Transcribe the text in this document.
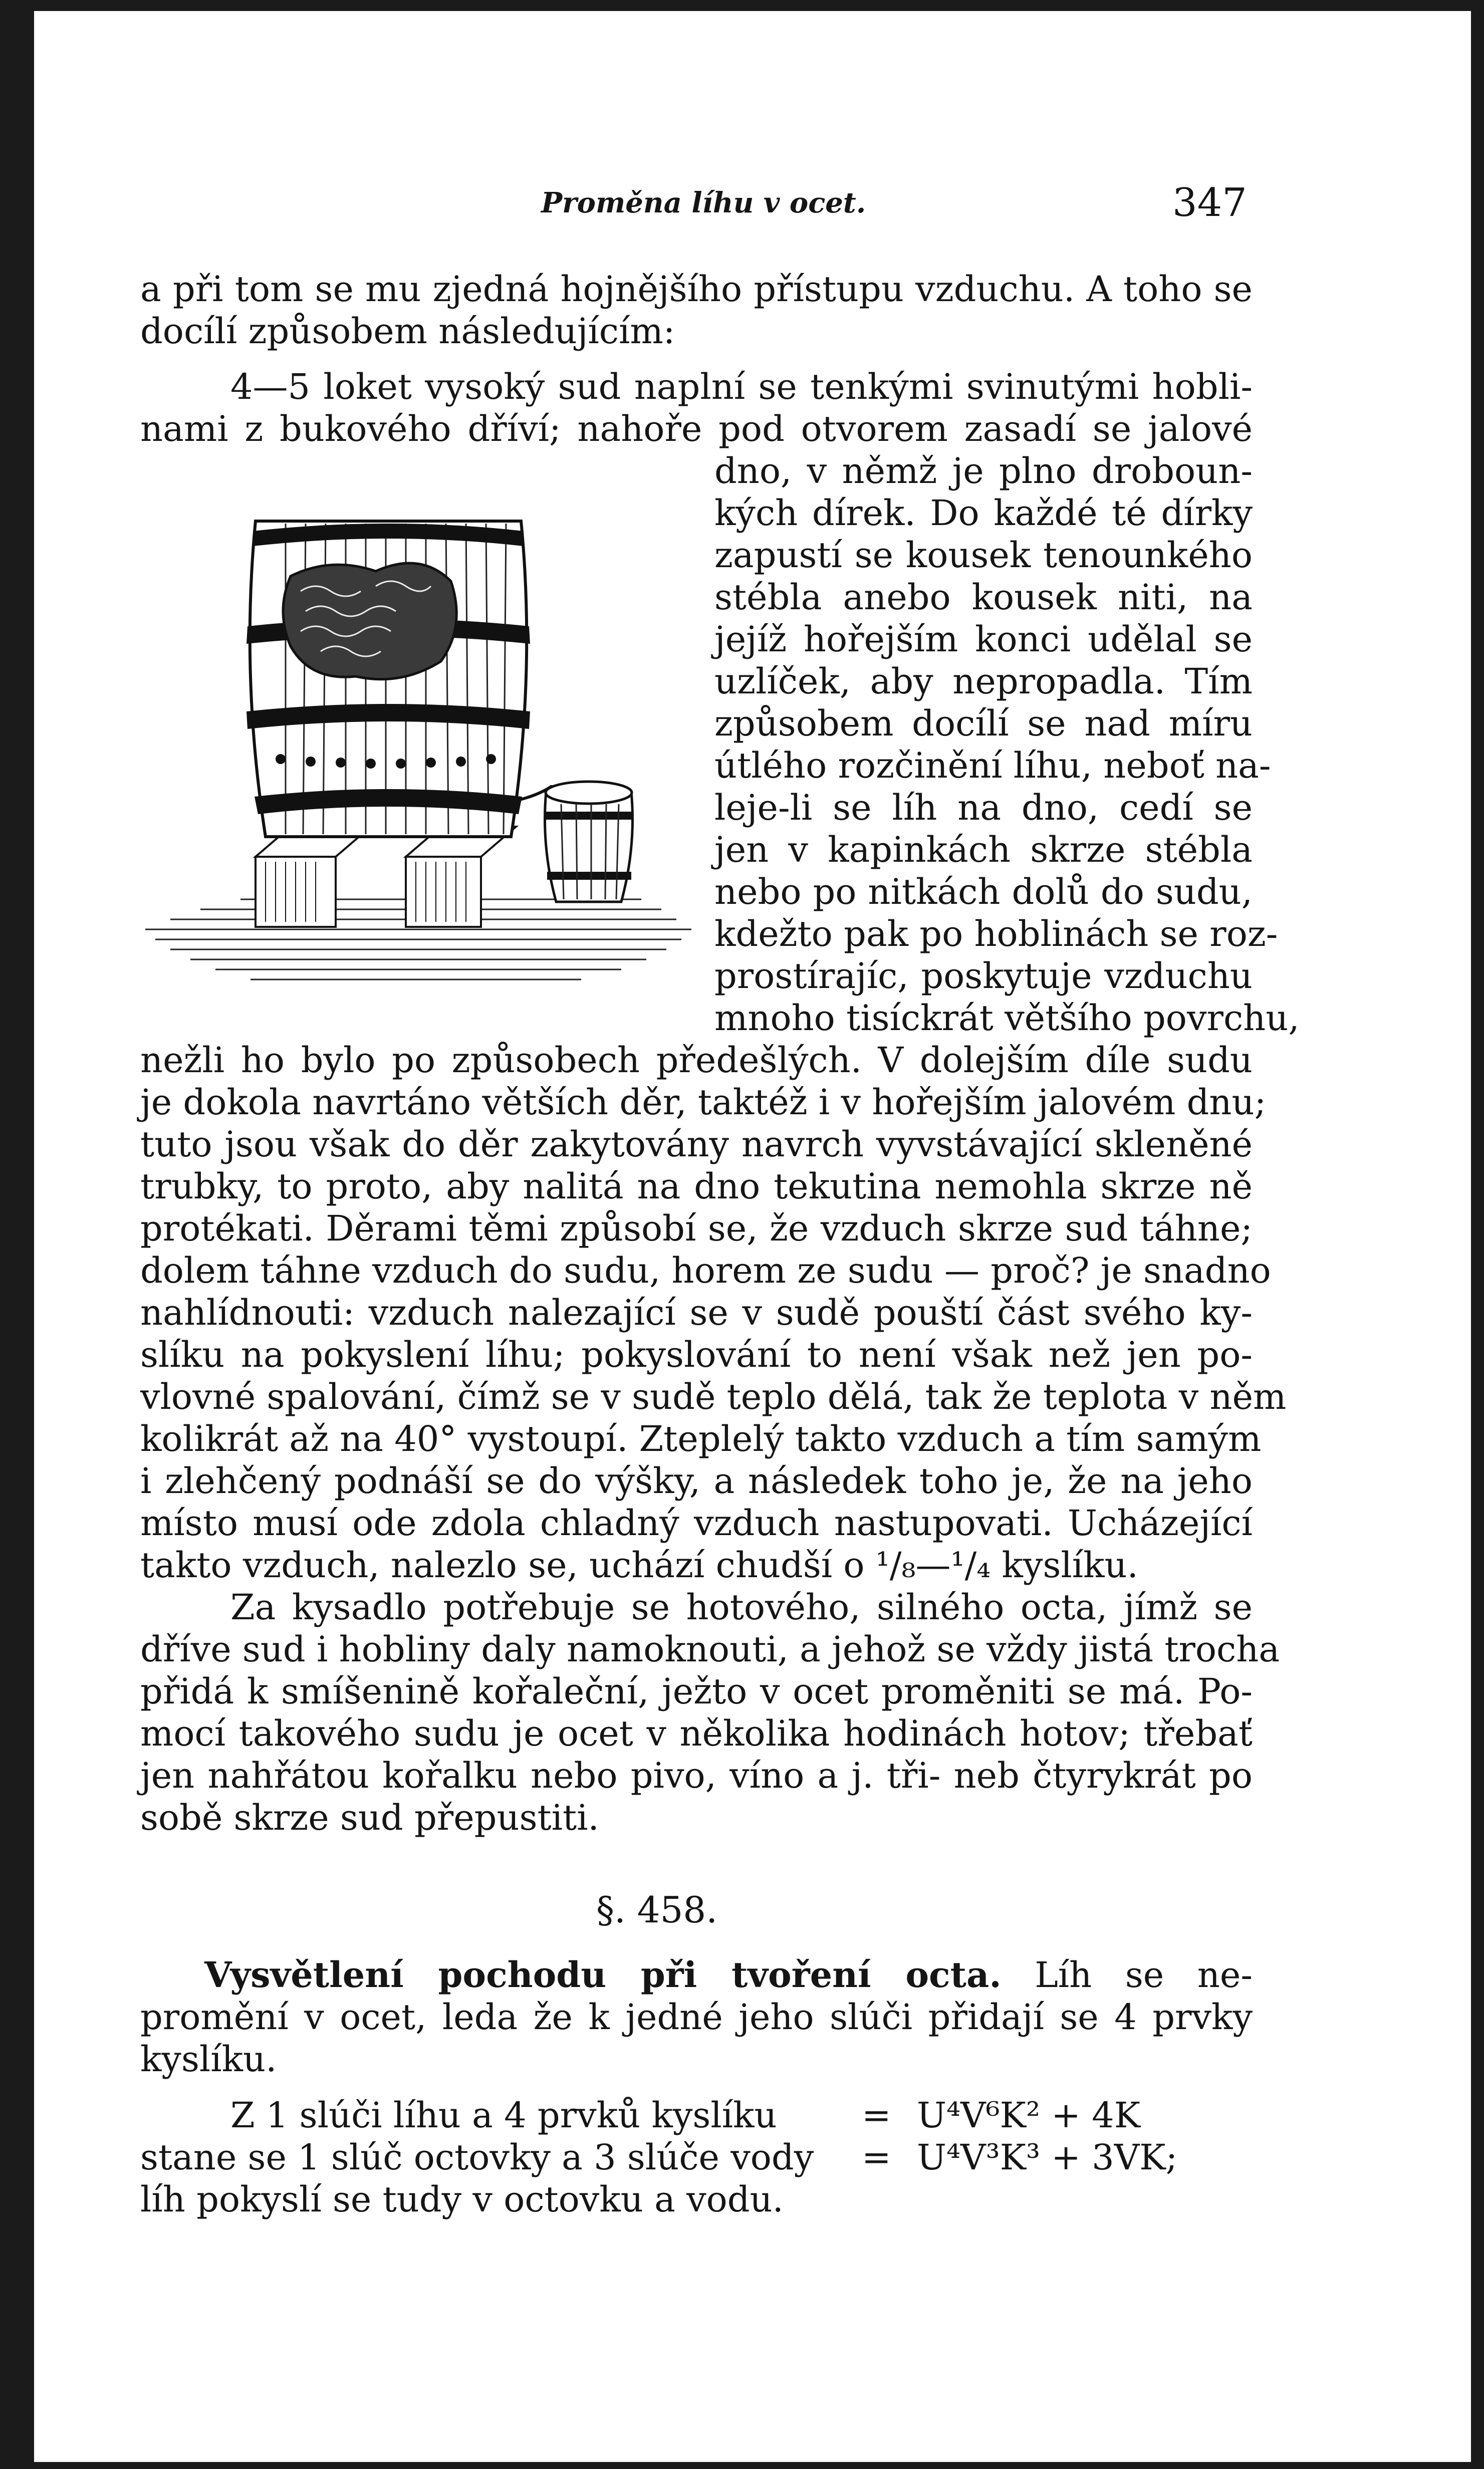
Proměna líhu v ocet.	347
a při tom se mu zjedná hojnějšího přístupu vzduchu. A toho se
docílí způsobem následujícím:
4—5 loket vysoký sud naplní se tenkými svinutými hobli-
nami z bukového dříví; nahoře pod otvorem zasadí se jalové
dno, v němž je plno droboun-
kých dírek. Do každé té dírky
zapustí se kousek tenounkého
stébla anebo kousek niti, na
jejíž hořejším konci udělal se
uzlíček, aby nepropadla. Tím
způsobem docílí se nad míru
útlého rozčinění líhu, neboť na-
leje-li se líh na dno, cedí se
jen v kapinkách skrze stébla
nebo po nitkách dolů do sudu,
kdežto pak po hoblinách se roz-
prostírajíc, poskytuje vzduchu
mnoho tisíckrát většího povrchu,
nežli ho bylo po způsobech předešlých. V dolejším díle sudu
je dokola navrtáno větších děr, taktéž i v hořejším jalovém dnu;
tuto jsou však do děr zakytovány navrch vyvstávající skleněné
trubky, to proto, aby nalitá na dno tekutina nemohla skrze ně
protékati. Děrami těmi způsobí se, že vzduch skrze sud táhne;
dolem táhne vzduch do sudu, horem ze sudu — proč? je snadno
nahlídnouti: vzduch nalezající se v sudě pouští část svého ky-
slíku na pokyslení líhu; pokyslování to není však než jen po-
vlovné spalování, čímž se v sudě teplo dělá, tak že teplota v něm
kolikrát až na 40° vystoupí. Zteplelý takto vzduch a tím samým
i zlehčený podnáší se do výšky, a následek toho je, že na jeho
místo musí ode zdola chladný vzduch nastupovati. Ucházející
takto vzduch, nalezlo se, uchází chudší o ¹/₈—¹/₄ kyslíku.
Za kysadlo potřebuje se hotového, silného octa, jímž se
dříve sud i hobliny daly namoknouti, a jehož se vždy jistá trocha
přidá k smíšenině kořaleční, ježto v ocet proměniti se má. Po-
mocí takového sudu je ocet v několika hodinách hotov; třebať
jen nahřátou kořalku nebo pivo, víno a j. tři- neb čtyrykrát po
sobě skrze sud přepustiti.
§. 458.
Vysvětlení pochodu při tvoření octa. Líh se ne-
promění v ocet, leda že k jedné jeho slúči přidají se 4 prvky
kyslíku.
Z 1 slúči líhu a 4 prvků kyslíku = U⁴V⁶K² + 4K
stane se 1 slúč octovky a 3 slúče vody = U⁴V³K³ + 3VK;
líh pokyslí se tudy v octovku a vodu.
